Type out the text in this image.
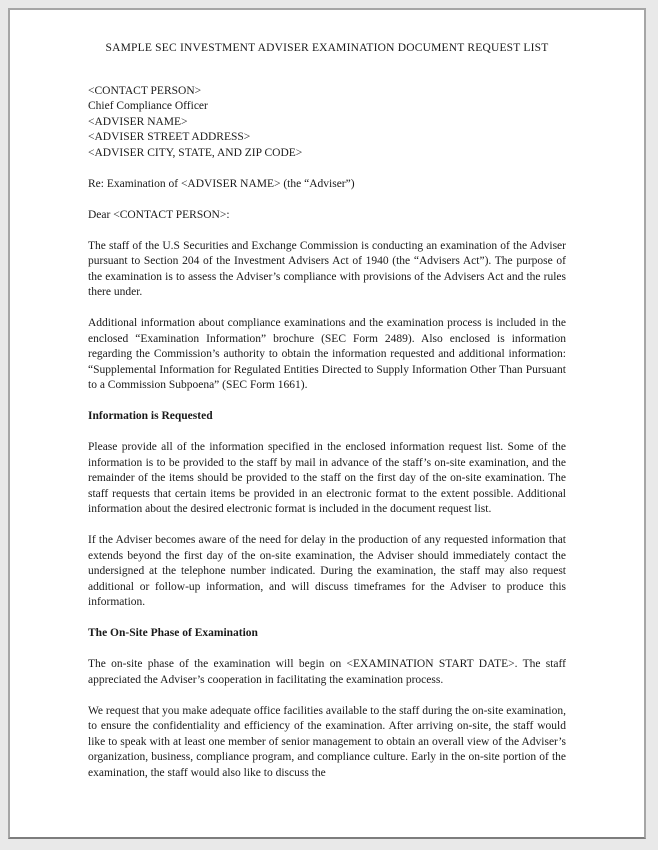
SAMPLE SEC INVESTMENT ADVISER EXAMINATION DOCUMENT REQUEST LIST
<CONTACT PERSON>
Chief Compliance Officer
<ADVISER NAME>
<ADVISER STREET ADDRESS>
<ADVISER CITY, STATE, AND ZIP CODE>
Re: Examination of <ADVISER NAME> (the “Adviser”)
Dear <CONTACT PERSON>:

The staff of the U.S Securities and Exchange Commission is conducting an examination of the Adviser pursuant to Section 204 of the Investment Advisers Act of 1940 (the “Advisers Act”). The purpose of the examination is to assess the Adviser’s compliance with provisions of the Advisers Act and the rules there under.

Additional information about compliance examinations and the examination process is included in the enclosed “Examination Information” brochure (SEC Form 2489). Also enclosed is information regarding the Commission’s authority to obtain the information requested and additional information: “Supplemental Information for Regulated Entities Directed to Supply Information Other Than Pursuant to a Commission Subpoena” (SEC Form 1661).

Information is Requested

Please provide all of the information specified in the enclosed information request list. Some of the information is to be provided to the staff by mail in advance of the staff’s on-site examination, and the remainder of the items should be provided to the staff on the first day of the on-site examination. The staff requests that certain items be provided in an electronic format to the extent possible. Additional information about the desired electronic format is included in the document request list.

If the Adviser becomes aware of the need for delay in the production of any requested information that extends beyond the first day of the on-site examination, the Adviser should immediately contact the undersigned at the telephone number indicated. During the examination, the staff may also request additional or follow-up information, and will discuss timeframes for the Adviser to produce this information.

The On-Site Phase of Examination

The on-site phase of the examination will begin on <EXAMINATION START DATE>. The staff appreciated the Adviser’s cooperation in facilitating the examination process.

We request that you make adequate office facilities available to the staff during the on-site examination, to ensure the confidentiality and efficiency of the examination. After arriving on-site, the staff would like to speak with at least one member of senior management to obtain an overall view of the Adviser’s organization, business, compliance program, and compliance culture. Early in the on-site portion of the examination, the staff would also like to discuss the
